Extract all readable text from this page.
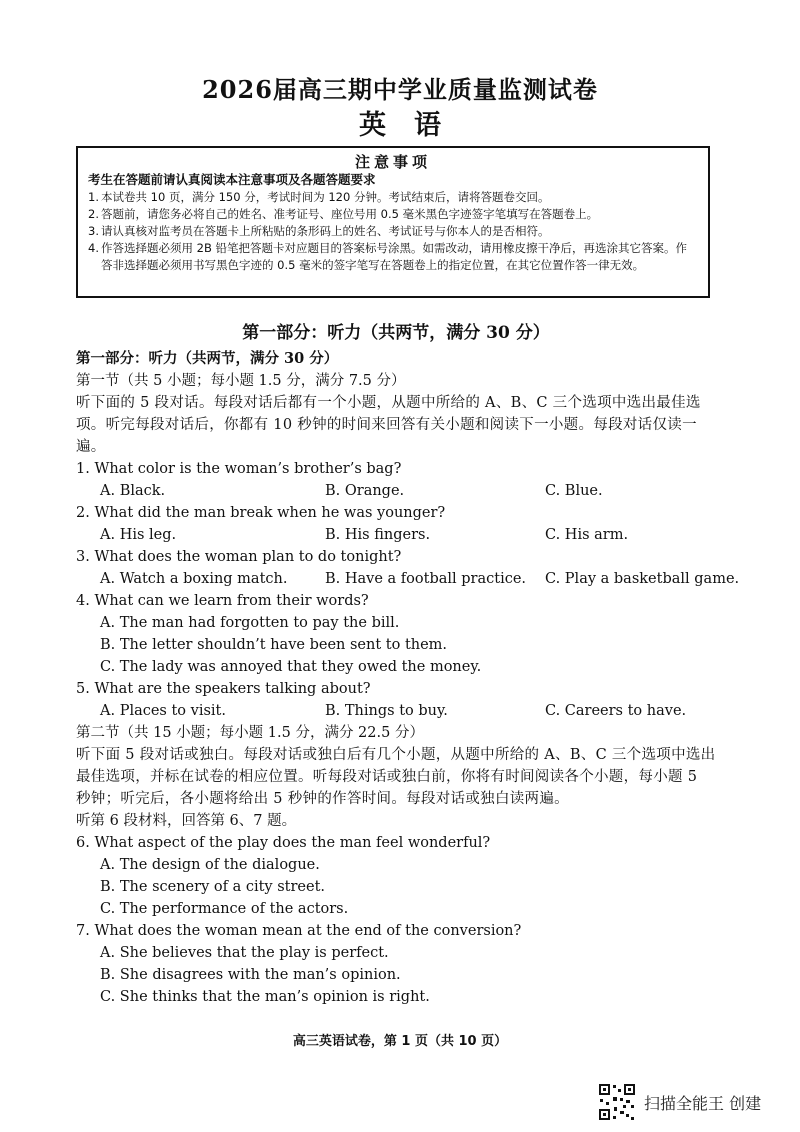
2026届高三期中学业质量监测试卷
英语
注意事项
考生在答题前请认真阅读本注意事项及各题答题要求
1. 本试卷共 10 页，满分 150 分，考试时间为 120 分钟。考试结束后，请将答题卷交回。
2. 答题前，请您务必将自己的姓名、准考证号、座位号用 0.5 毫米黑色字迹签字笔填写在答题卷上。
3. 请认真核对监考员在答题卡上所粘贴的条形码上的姓名、考试证号与你本人的是否相符。
4. 作答选择题必须用 2B 铅笔把答题卡对应题目的答案标号涂黑。如需改动，请用橡皮擦干净后，再选涂其它答案。作答非选择题必须用书写黑色字迹的 0.5 毫米的签字笔写在答题卷上的指定位置，在其它位置作答一律无效。
第一部分：听力（共两节，满分 30 分）
第一部分：听力（共两节，满分 30 分）
第一节（共 5 小题；每小题 1.5 分，满分 7.5 分）
听下面的 5 段对话。每段对话后都有一个小题，从题中所给的 A、B、C 三个选项中选出最佳选项。听完每段对话后，你都有 10 秒钟的时间来回答有关小题和阅读下一小题。每段对话仅读一遍。
1. What color is the woman’s brother’s bag?
A. Black.	B. Orange.	C. Blue.
2. What did the man break when he was younger?
A. His leg.	B. His fingers.	C. His arm.
3. What does the woman plan to do tonight?
A. Watch a boxing match.	B. Have a football practice. C. Play a basketball game.
4. What can we learn from their words?
A. The man had forgotten to pay the bill.
B. The letter shouldn’t have been sent to them.
C. The lady was annoyed that they owed the money.
5. What are the speakers talking about?
A. Places to visit.	B. Things to buy.	C. Careers to have.
第二节（共 15 小题；每小题 1.5 分，满分 22.5 分）
听下面 5 段对话或独白。每段对话或独白后有几个小题，从题中所给的 A、B、C 三个选项中选出最佳选项，并标在试卷的相应位置。听每段对话或独白前，你将有时间阅读各个小题，每小题 5 秒钟；听完后，各小题将给出 5 秒钟的作答时间。每段对话或独白读两遍。
听第 6 段材料，回答第 6、7 题。
6. What aspect of the play does the man feel wonderful?
A. The design of the dialogue.
B. The scenery of a city street.
C. The performance of the actors.
7. What does the woman mean at the end of the conversion?
A. She believes that the play is perfect.
B. She disagrees with the man’s opinion.
C. She thinks that the man’s opinion is right.
高三英语试卷，第 1 页（共 10 页）
扫描全能王 创建
